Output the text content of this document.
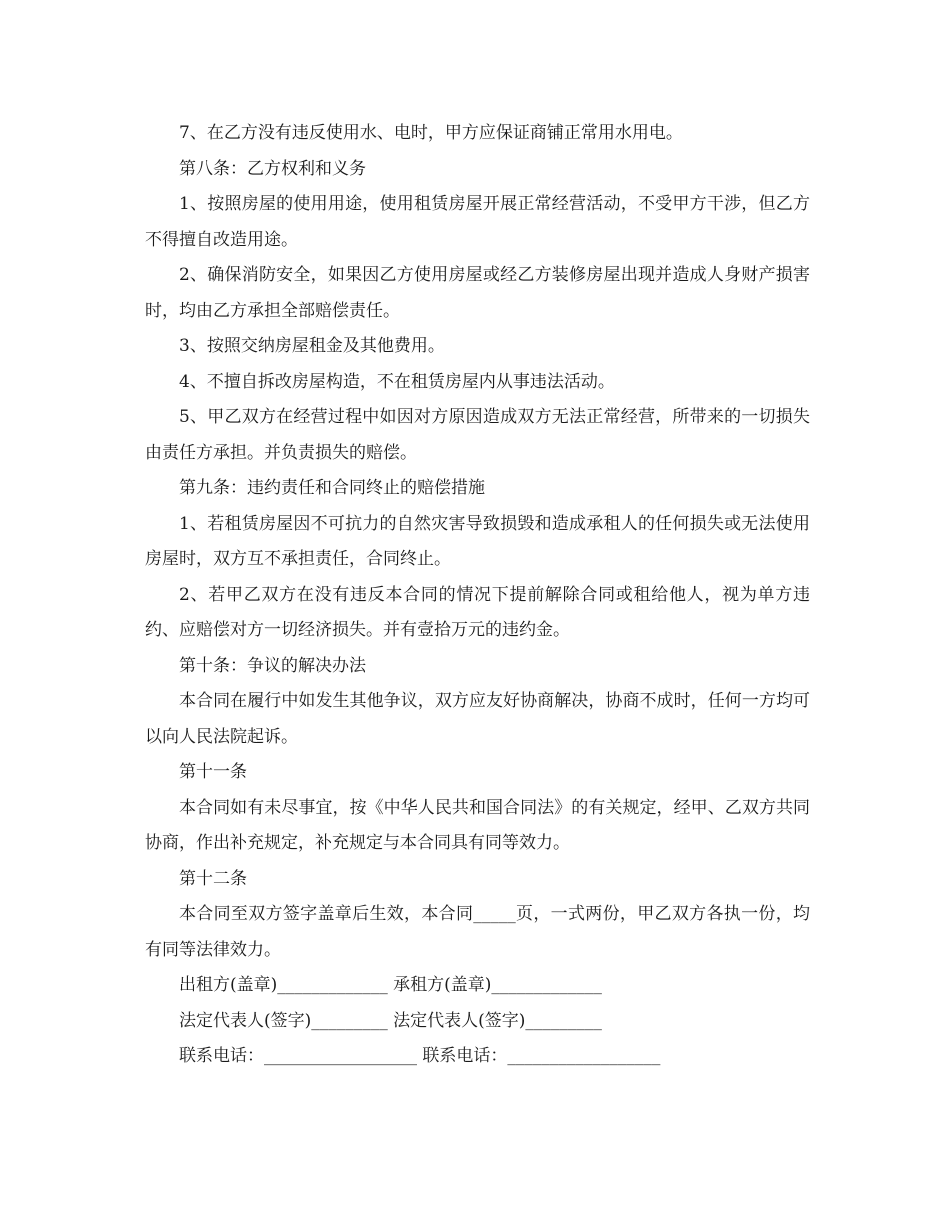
7、在乙方没有违反使用水、电时，甲方应保证商铺正常用水用电。

第八条：乙方权利和义务

1、按照房屋的使用用途，使用租赁房屋开展正常经营活动，不受甲方干涉，但乙方不得擅自改造用途。

2、确保消防安全，如果因乙方使用房屋或经乙方装修房屋出现并造成人身财产损害时，均由乙方承担全部赔偿责任。

3、按照交纳房屋租金及其他费用。

4、不擅自拆改房屋构造，不在租赁房屋内从事违法活动。

5、甲乙双方在经营过程中如因对方原因造成双方无法正常经营，所带来的一切损失由责任方承担。并负责损失的赔偿。

第九条：违约责任和合同终止的赔偿措施

1、若租赁房屋因不可抗力的自然灾害导致损毁和造成承租人的任何损失或无法使用房屋时，双方互不承担责任，合同终止。

2、若甲乙双方在没有违反本合同的情况下提前解除合同或租给他人，视为单方违约、应赔偿对方一切经济损失。并有壹拾万元的违约金。

第十条：争议的解决办法

本合同在履行中如发生其他争议，双方应友好协商解决，协商不成时，任何一方均可以向人民法院起诉。

第十一条

本合同如有未尽事宜，按《中华人民共和国合同法》的有关规定，经甲、乙双方共同协商，作出补充规定，补充规定与本合同具有同等效力。

第十二条

本合同至双方签字盖章后生效，本合同_____页，一式两份，甲乙双方各执一份，均有同等法律效力。

出租方(盖章)_____________ 承租方(盖章)_____________

法定代表人(签字)_________ 法定代表人(签字)_________

联系电话：__________________ 联系电话：__________________
